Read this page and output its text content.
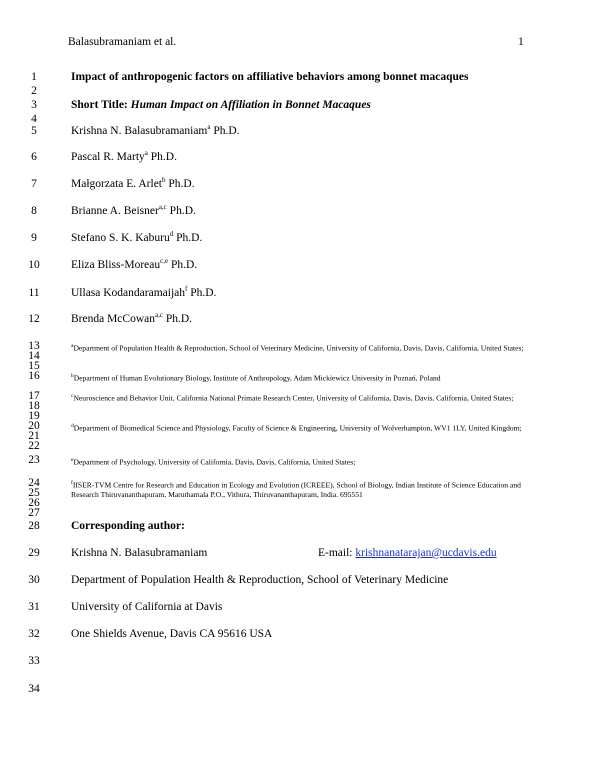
Balasubramaniam et al.	1
1
2
3
4
5
6
7
8
9
10
11
12
13
14
15
16
17
18
19
20
21
22
23
24
25
26
27
28
29
30
31
32
33
34
Impact of anthropogenic factors on affiliative behaviors among bonnet macaques
Short Title: Human Impact on Affiliation in Bonnet Macaques
Krishna N. Balasubramaniam$^a$ Ph.D.
Pascal R. Marty$^a$ Ph.D.
Małgorzata E. Arlet$^b$ Ph.D.
Brianne A. Beisner$^{a,c}$ Ph.D.
Stefano S. K. Kaburu$^d$ Ph.D.
Eliza Bliss-Moreau$^{c,e}$ Ph.D.
Ullasa Kodandaramaijah$^f$ Ph.D.
Brenda McCowan$^{a,c}$ Ph.D.
$^a$Department of Population Health & Reproduction, School of Veterinary Medicine, University of California, Davis, Davis, California, United States;
$^b$Department of Human Evolutionary Biology, Institute of Anthropology, Adam Mickiewicz University in Poznań, Poland
$^c$Neuroscience and Behavior Unit, California National Primate Research Center, University of California, Davis, Davis, California, United States;
$^d$Department of Biomedical Science and Physiology, Faculty of Science & Engineering, University of Wolverhampton, WV1 1LY, United Kingdom;
$^e$Department of Psychology, University of California, Davis, Davis, California, United States;
$^f$IISER-TVM Centre for Research and Education in Ecology and Evolution (ICREEE), School of Biology, Indian Institute of Science Education and Research Thiruvananthapuram, Maruthamala P.O., Vithura, Thiruvananthapuram, India. 695551
Corresponding author:
Krishna N. Balasubramaniam	E-mail: krishnanatarajan@ucdavis.edu
Department of Population Health & Reproduction, School of Veterinary Medicine
University of California at Davis
One Shields Avenue, Davis CA 95616 USA
